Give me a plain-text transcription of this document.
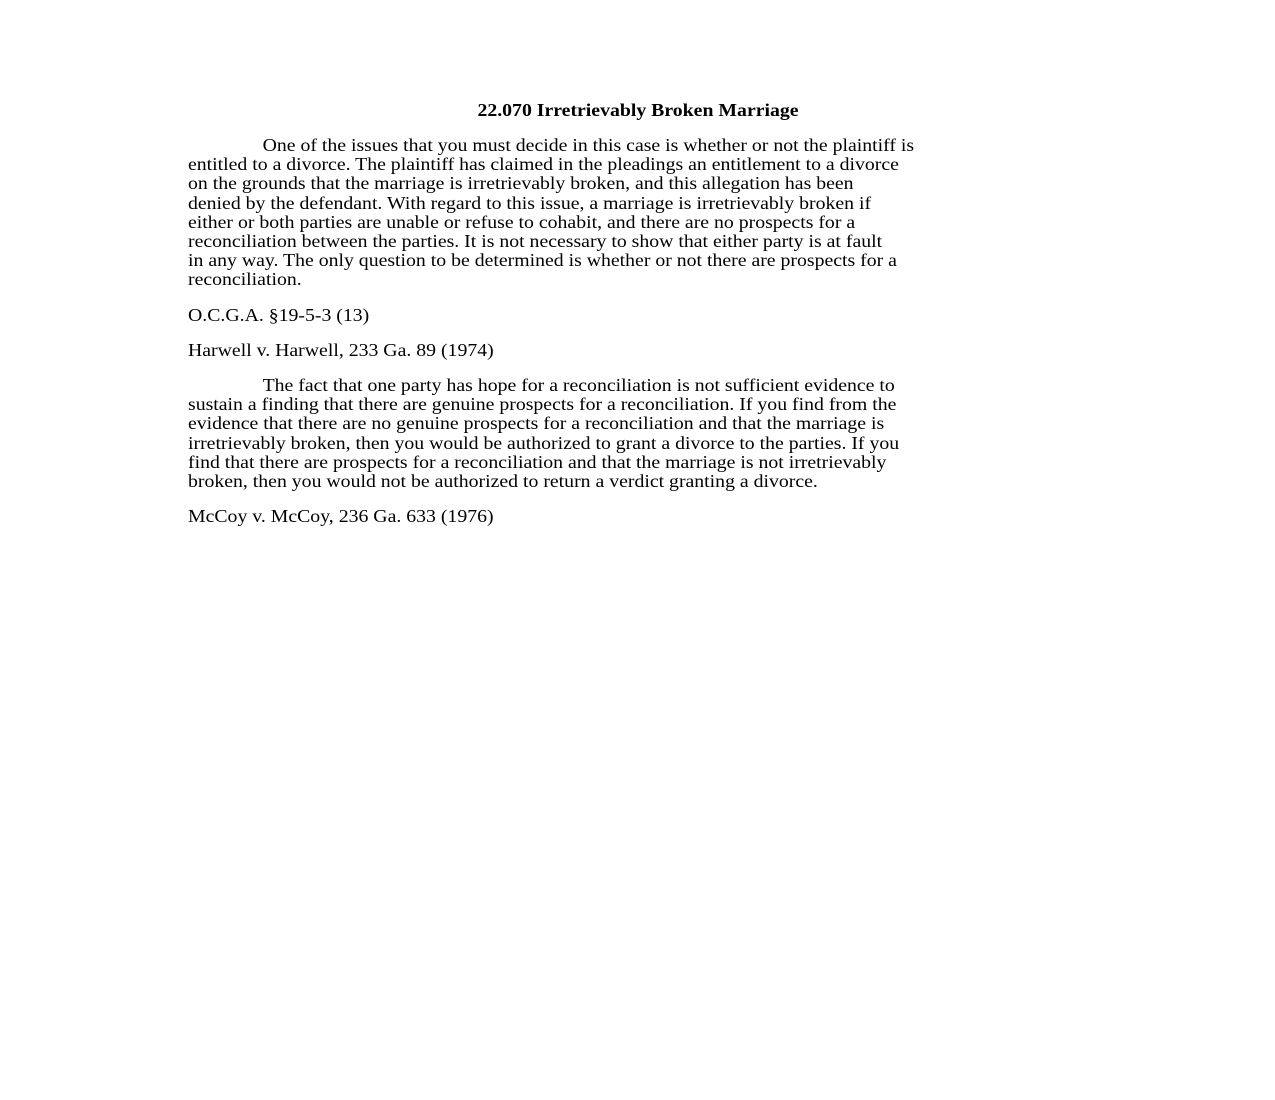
22.070 Irretrievably Broken Marriage
One of the issues that you must decide in this case is whether or not the plaintiff is
entitled to a divorce. The plaintiff has claimed in the pleadings an entitlement to a divorce
on the grounds that the marriage is irretrievably broken, and this allegation has been
denied by the defendant. With regard to this issue, a marriage is irretrievably broken if
either or both parties are unable or refuse to cohabit, and there are no prospects for a
reconciliation between the parties. It is not necessary to show that either party is at fault
in any way. The only question to be determined is whether or not there are prospects for a
reconciliation.
O.C.G.A. §19-5-3 (13)
Harwell v. Harwell, 233 Ga. 89 (1974)
The fact that one party has hope for a reconciliation is not sufficient evidence to
sustain a finding that there are genuine prospects for a reconciliation. If you find from the
evidence that there are no genuine prospects for a reconciliation and that the marriage is
irretrievably broken, then you would be authorized to grant a divorce to the parties. If you
find that there are prospects for a reconciliation and that the marriage is not irretrievably
broken, then you would not be authorized to return a verdict granting a divorce.
McCoy v. McCoy, 236 Ga. 633 (1976)
